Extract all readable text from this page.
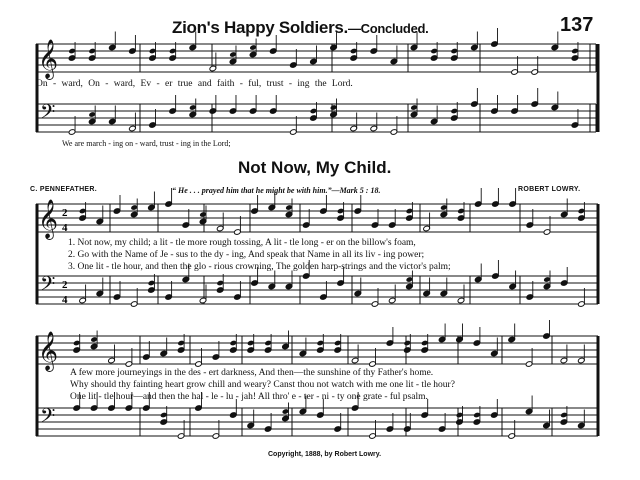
Zion's Happy Soldiers.—Concluded.	137
On - ward, On - ward, Ev - er true and faith - ful, trust - ing the Lord.
We are march - ing on - ward, trust - ing in the Lord;
Not Now, My Child.
C. PENNEFATHER.	“ He . . . prayed him that he might be with him.”—Mark 5 : 18.	ROBERT LOWRY.
1. Not now, my child; a lit - tle more rough tossing, A lit - tle long - er on the billow's foam,
2. Go with the Name of Je - sus to the dy - ing, And speak that Name in all its liv - ing power;
3. One lit - tle hour, and then the glo - rious crowning, The golden harp-strings and the victor's palm;
A few more journeyings in the des - ert darkness, And then—the sunshine of thy Father's home.
Why should thy fainting heart grow chill and weary? Canst thou not watch with me one lit - tle hour?
One lit - tle hour—and then the hal - le - lu - jah! All thro' e - ter - ni - ty one grate - ful psalm.
Copyright, 1888, by Robert Lowry.
𝄞
𝄢
𝄞
𝄢
2
4
2
4
𝄞
𝄢
